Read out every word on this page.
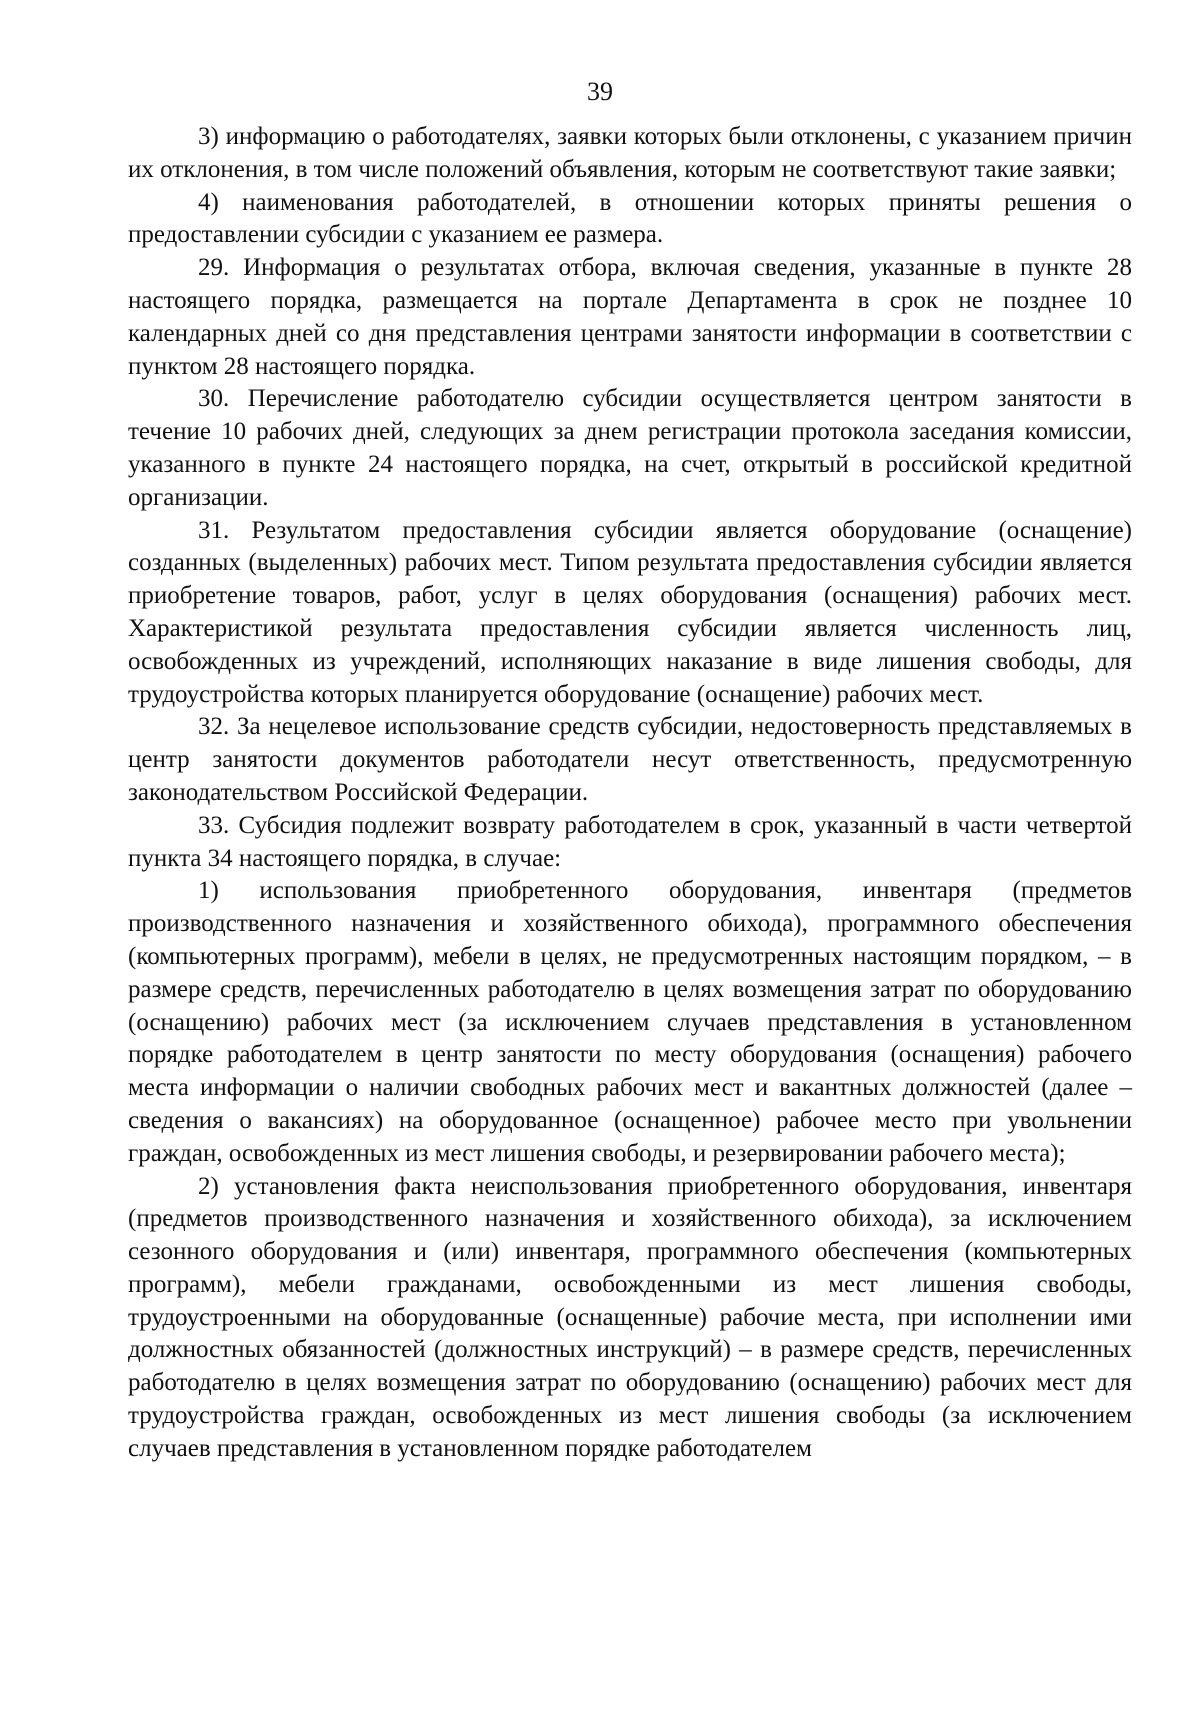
39

3) информацию о работодателях, заявки которых были отклонены, с указанием причин их отклонения, в том числе положений объявления, которым не соответствуют такие заявки;

4) наименования работодателей, в отношении которых приняты решения о предоставлении субсидии с указанием ее размера.

29. Информация о результатах отбора, включая сведения, указанные в пункте 28 настоящего порядка, размещается на портале Департамента в срок не позднее 10 календарных дней со дня представления центрами занятости информации в соответствии с пунктом 28 настоящего порядка.

30. Перечисление работодателю субсидии осуществляется центром занятости в течение 10 рабочих дней, следующих за днем регистрации протокола заседания комиссии, указанного в пункте 24 настоящего порядка, на счет, открытый в российской кредитной организации.

31. Результатом предоставления субсидии является оборудование (оснащение) созданных (выделенных) рабочих мест. Типом результата предоставления субсидии является приобретение товаров, работ, услуг в целях оборудования (оснащения) рабочих мест. Характеристикой результата предоставления субсидии является численность лиц, освобожденных из учреждений, исполняющих наказание в виде лишения свободы, для трудоустройства которых планируется оборудование (оснащение) рабочих мест.

32. За нецелевое использование средств субсидии, недостоверность представляемых в центр занятости документов работодатели несут ответственность, предусмотренную законодательством Российской Федерации.

33. Субсидия подлежит возврату работодателем в срок, указанный в части четвертой пункта 34 настоящего порядка, в случае:

1) использования приобретенного оборудования, инвентаря (предметов производственного назначения и хозяйственного обихода), программного обеспечения (компьютерных программ), мебели в целях, не предусмотренных настоящим порядком, – в размере средств, перечисленных работодателю в целях возмещения затрат по оборудованию (оснащению) рабочих мест (за исключением случаев представления в установленном порядке работодателем в центр занятости по месту оборудования (оснащения) рабочего места информации о наличии свободных рабочих мест и вакантных должностей (далее – сведения о вакансиях) на оборудованное (оснащенное) рабочее место при увольнении граждан, освобожденных из мест лишения свободы, и резервировании рабочего места);

2) установления факта неиспользования приобретенного оборудования, инвентаря (предметов производственного назначения и хозяйственного обихода), за исключением сезонного оборудования и (или) инвентаря, программного обеспечения (компьютерных программ), мебели гражданами, освобожденными из мест лишения свободы, трудоустроенными на оборудованные (оснащенные) рабочие места, при исполнении ими должностных обязанностей (должностных инструкций) – в размере средств, перечисленных работодателю в целях возмещения затрат по оборудованию (оснащению) рабочих мест для трудоустройства граждан, освобожденных из мест лишения свободы (за исключением случаев представления в установленном порядке работодателем
